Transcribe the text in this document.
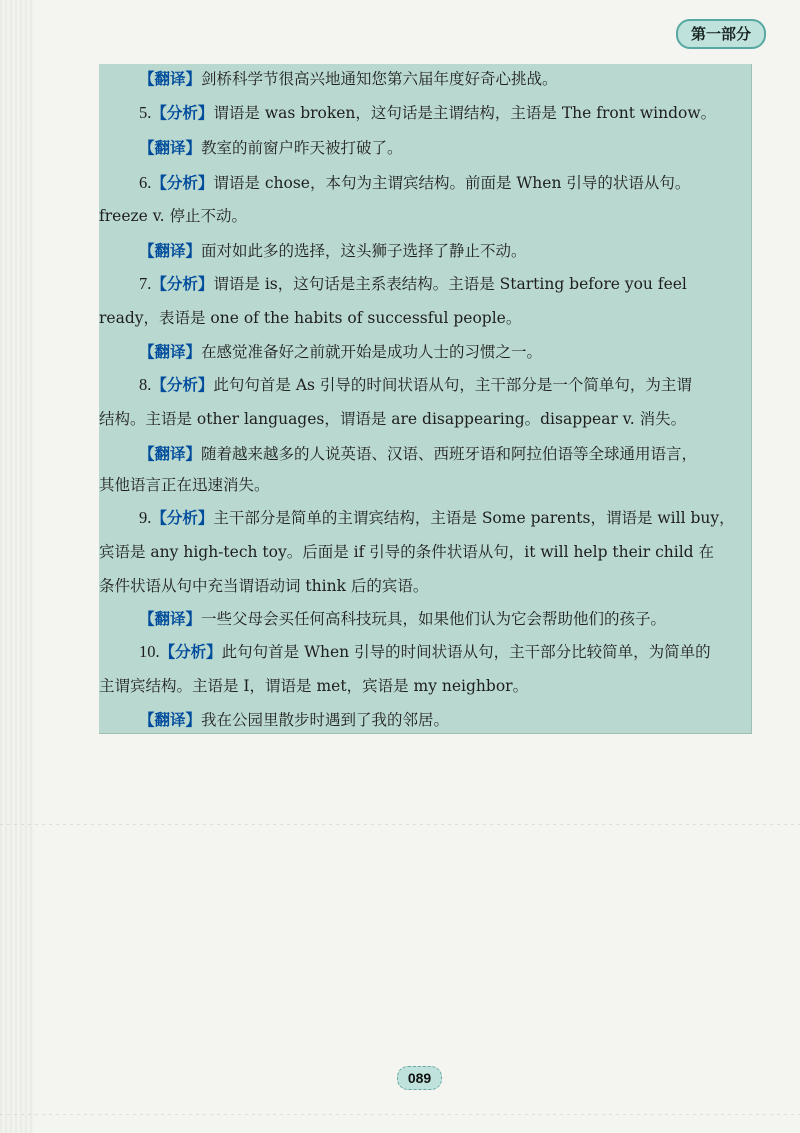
第一部分
【翻译】剑桥科学节很高兴地通知您第六届年度好奇心挑战。
5.【分析】谓语是 was broken，这句话是主谓结构，主语是 The front window。
【翻译】教室的前窗户昨天被打破了。
6.【分析】谓语是 chose，本句为主谓宾结构。前面是 When 引导的状语从句。
freeze v. 停止不动。
【翻译】面对如此多的选择，这头狮子选择了静止不动。
7.【分析】谓语是 is，这句话是主系表结构。主语是 Starting before you feel
ready，表语是 one of the habits of successful people。
【翻译】在感觉准备好之前就开始是成功人士的习惯之一。
8.【分析】此句句首是 As 引导的时间状语从句，主干部分是一个简单句，为主谓
结构。主语是 other languages，谓语是 are disappearing。disappear v. 消失。
【翻译】随着越来越多的人说英语、汉语、西班牙语和阿拉伯语等全球通用语言，
其他语言正在迅速消失。
9.【分析】主干部分是简单的主谓宾结构，主语是 Some parents，谓语是 will buy，
宾语是 any high-tech toy。后面是 if 引导的条件状语从句，it will help their child 在
条件状语从句中充当谓语动词 think 后的宾语。
【翻译】一些父母会买任何高科技玩具，如果他们认为它会帮助他们的孩子。
10.【分析】此句句首是 When 引导的时间状语从句，主干部分比较简单，为简单的
主谓宾结构。主语是 I，谓语是 met，宾语是 my neighbor。
【翻译】我在公园里散步时遇到了我的邻居。
089
